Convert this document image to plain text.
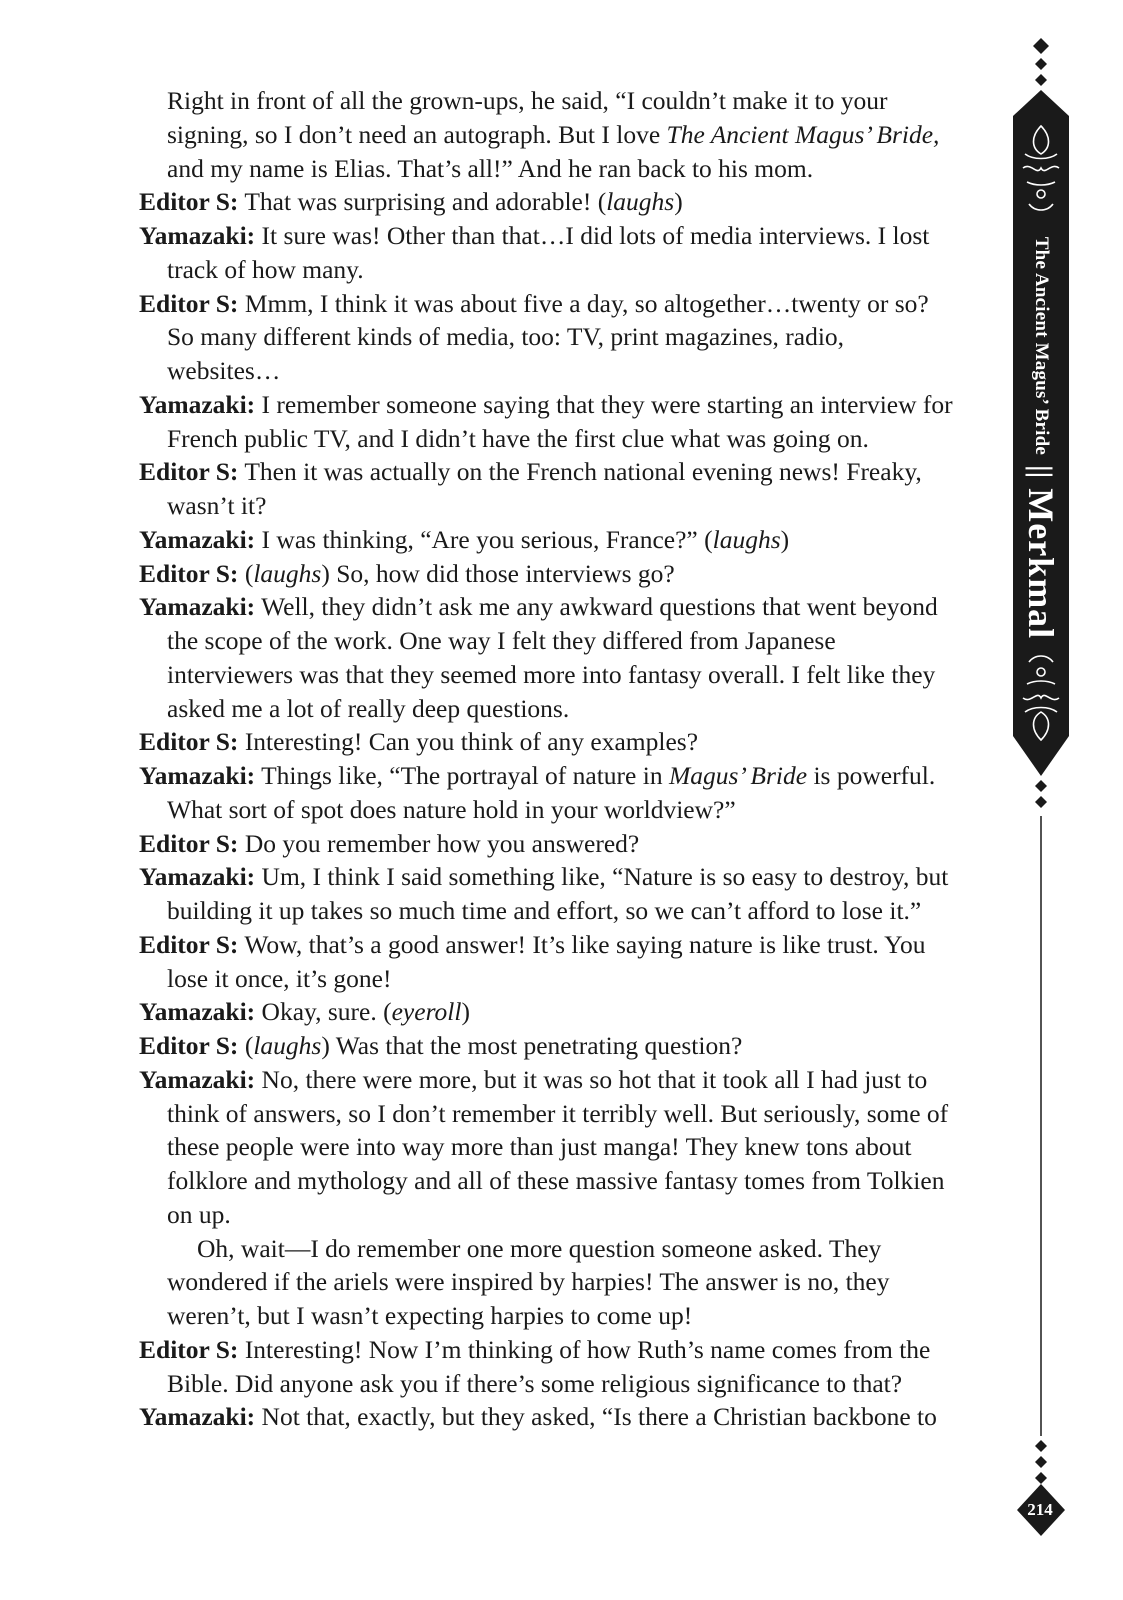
Right in front of all the grown-ups, he said, “I couldn’t make it to your signing, so I don’t need an autograph. But I love The Ancient Magus’ Bride, and my name is Elias. That’s all!” And he ran back to his mom.

Editor S: That was surprising and adorable! (laughs)

Yamazaki: It sure was! Other than that…I did lots of media interviews. I lost track of how many.

Editor S: Mmm, I think it was about five a day, so altogether…twenty or so? So many different kinds of media, too: TV, print magazines, radio, websites…

Yamazaki: I remember someone saying that they were starting an interview for French public TV, and I didn’t have the first clue what was going on.

Editor S: Then it was actually on the French national evening news! Freaky, wasn’t it?

Yamazaki: I was thinking, “Are you serious, France?” (laughs)

Editor S: (laughs) So, how did those interviews go?

Yamazaki: Well, they didn’t ask me any awkward questions that went beyond the scope of the work. One way I felt they differed from Japanese interviewers was that they seemed more into fantasy overall. I felt like they asked me a lot of really deep questions.

Editor S: Interesting! Can you think of any examples?

Yamazaki: Things like, “The portrayal of nature in Magus’ Bride is powerful. What sort of spot does nature hold in your worldview?”

Editor S: Do you remember how you answered?

Yamazaki: Um, I think I said something like, “Nature is so easy to destroy, but building it up takes so much time and effort, so we can’t afford to lose it.”

Editor S: Wow, that’s a good answer! It’s like saying nature is like trust. You lose it once, it’s gone!

Yamazaki: Okay, sure. (eyeroll)

Editor S: (laughs) Was that the most penetrating question?

Yamazaki: No, there were more, but it was so hot that it took all I had just to think of answers, so I don’t remember it terribly well. But seriously, some of these people were into way more than just manga! They knew tons about folklore and mythology and all of these massive fantasy tomes from Tolkien on up.

Oh, wait—I do remember one more question someone asked. They wondered if the ariels were inspired by harpies! The answer is no, they weren’t, but I wasn’t expecting harpies to come up!

Editor S: Interesting! Now I’m thinking of how Ruth’s name comes from the Bible. Did anyone ask you if there’s some religious significance to that?

Yamazaki: Not that, exactly, but they asked, “Is there a Christian backbone to

The Ancient Magus’ Bride
||
Merkmal
214
